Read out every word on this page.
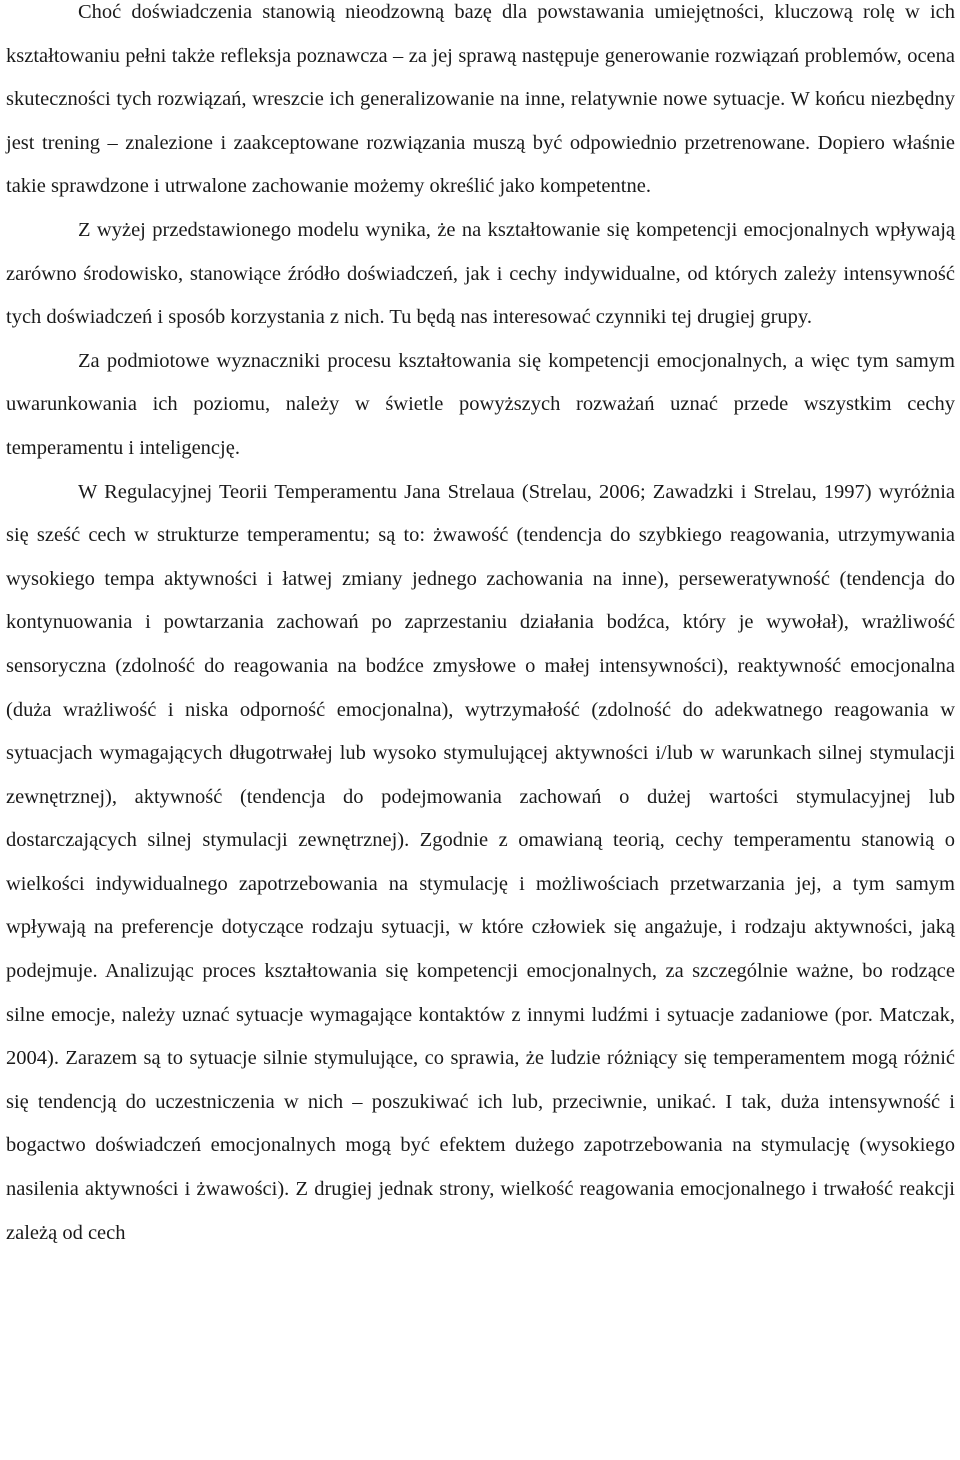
Choć doświadczenia stanowią nieodzowną bazę dla powstawania umiejętności, kluczową rolę w ich kształtowaniu pełni także refleksja poznawcza – za jej sprawą następuje generowanie rozwiązań problemów, ocena skuteczności tych rozwiązań, wreszcie ich generalizowanie na inne, relatywnie nowe sytuacje. W końcu niezbędny jest trening – znalezione i zaakceptowane rozwiązania muszą być odpowiednio przetrenowane. Dopiero właśnie takie sprawdzone i utrwalone zachowanie możemy określić jako kompetentne.

Z wyżej przedstawionego modelu wynika, że na kształtowanie się kompetencji emocjonalnych wpływają zarówno środowisko, stanowiące źródło doświadczeń, jak i cechy indywidualne, od których zależy intensywność tych doświadczeń i sposób korzystania z nich. Tu będą nas interesować czynniki tej drugiej grupy.

Za podmiotowe wyznaczniki procesu kształtowania się kompetencji emocjonalnych, a więc tym samym uwarunkowania ich poziomu, należy w świetle powyższych rozważań uznać przede wszystkim cechy temperamentu i inteligencję.

W Regulacyjnej Teorii Temperamentu Jana Strelaua (Strelau, 2006; Zawadzki i Strelau, 1997) wyróżnia się sześć cech w strukturze temperamentu; są to: żwawość (tendencja do szybkiego reagowania, utrzymywania wysokiego tempa aktywności i łatwej zmiany jednego zachowania na inne), perseweratywność (tendencja do kontynuowania i powtarzania zachowań po zaprzestaniu działania bodźca, który je wywołał), wrażliwość sensoryczna (zdolność do reagowania na bodźce zmysłowe o małej intensywności), reaktywność emocjonalna (duża wrażliwość i niska odporność emocjonalna), wytrzymałość (zdolność do adekwatnego reagowania w sytuacjach wymagających długotrwałej lub wysoko stymulującej aktywności i/lub w warunkach silnej stymulacji zewnętrznej), aktywność (tendencja do podejmowania zachowań o dużej wartości stymulacyjnej lub dostarczających silnej stymulacji zewnętrznej). Zgodnie z omawianą teorią, cechy temperamentu stanowią o wielkości indywidualnego zapotrzebowania na stymulację i możliwościach przetwarzania jej, a tym samym wpływają na preferencje dotyczące rodzaju sytuacji, w które człowiek się angażuje, i rodzaju aktywności, jaką podejmuje. Analizując proces kształtowania się kompetencji emocjonalnych, za szczególnie ważne, bo rodzące silne emocje, należy uznać sytuacje wymagające kontaktów z innymi ludźmi i sytuacje zadaniowe (por. Matczak, 2004). Zarazem są to sytuacje silnie stymulujące, co sprawia, że ludzie różniący się temperamentem mogą różnić się tendencją do uczestniczenia w nich – poszukiwać ich lub, przeciwnie, unikać. I tak, duża intensywność i bogactwo doświadczeń emocjonalnych mogą być efektem dużego zapotrzebowania na stymulację (wysokiego nasilenia aktywności i żwawości). Z drugiej jednak strony, wielkość reagowania emocjonalnego i trwałość reakcji zależą od cech
